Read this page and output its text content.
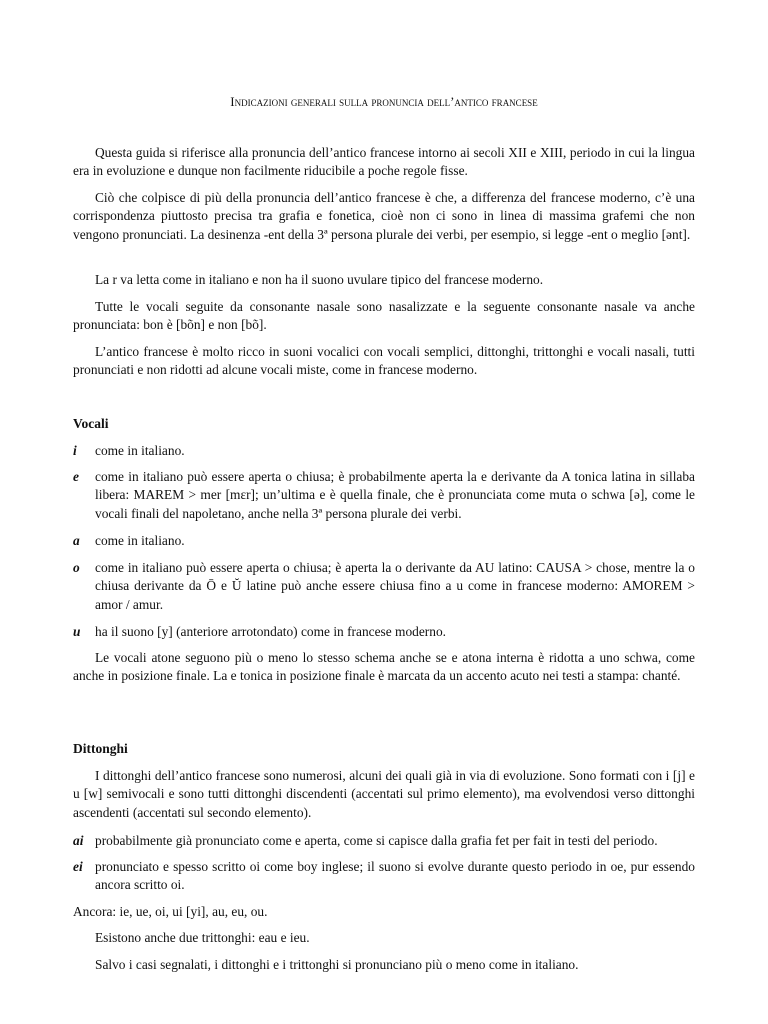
Indicazioni generali sulla pronuncia dell’antico francese
Questa guida si riferisce alla pronuncia dell’antico francese intorno ai secoli XII e XIII, periodo in cui la lingua era in evoluzione e dunque non facilmente riducibile a poche regole fisse.
Ciò che colpisce di più della pronuncia dell’antico francese è che, a differenza del francese moderno, c’è una corrispondenza piuttosto precisa tra grafia e fonetica, cioè non ci sono in linea di massima grafemi che non vengono pronunciati. La desinenza -ent della 3ª persona plurale dei verbi, per esempio, si legge -ent o meglio [ənt].
La r va letta come in italiano e non ha il suono uvulare tipico del francese moderno.
Tutte le vocali seguite da consonante nasale sono nasalizzate e la seguente consonante nasale va anche pronunciata: bon è [bõn] e non [bõ].
L’antico francese è molto ricco in suoni vocalici con vocali semplici, dittonghi, trittonghi e vocali nasali, tutti pronunciati e non ridotti ad alcune vocali miste, come in francese moderno.
Vocali
i	come in italiano.
e	come in italiano può essere aperta o chiusa; è probabilmente aperta la e derivante da A tonica latina in sillaba libera: MAREM > mer [mɛr]; un’ultima e è quella finale, che è pronunciata come muta o schwa [ə], come le vocali finali del napoletano, anche nella 3ª persona plurale dei verbi.
a	come in italiano.
o	come in italiano può essere aperta o chiusa; è aperta la o derivante da AU latino: CAUSA > chose, mentre la o chiusa derivante da Ō e Ŭ latine può anche essere chiusa fino a u come in francese moderno: AMOREM > amor / amur.
u	ha il suono [y] (anteriore arrotondato) come in francese moderno.
Le vocali atone seguono più o meno lo stesso schema anche se e atona interna è ridotta a uno schwa, come anche in posizione finale. La e tonica in posizione finale è marcata da un accento acuto nei testi a stampa: chanté.
Dittonghi
I dittonghi dell’antico francese sono numerosi, alcuni dei quali già in via di evoluzione. Sono formati con i [j] e u [w] semivocali e sono tutti dittonghi discendenti (accentati sul primo elemento), ma evolvendosi verso dittonghi ascendenti (accentati sul secondo elemento).
ai probabilmente già pronunciato come e aperta, come si capisce dalla grafia fet per fait in testi del periodo.
ei pronunciato e spesso scritto oi come boy inglese; il suono si evolve durante questo periodo in oe, pur essendo ancora scritto oi.
Ancora: ie, ue, oi, ui [yi], au, eu, ou.
Esistono anche due trittonghi: eau e ieu.
Salvo i casi segnalati, i dittonghi e i trittonghi si pronunciano più o meno come in italiano.
